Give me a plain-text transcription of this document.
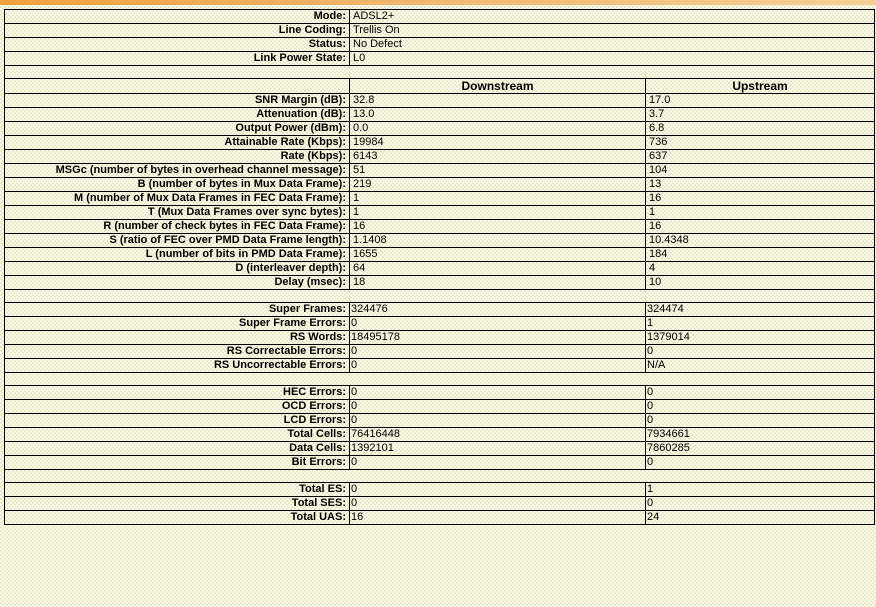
Mode:	ADSL2+	
Line Coding:	Trellis On	
Status:	No Defect	
Link Power State:	L0	

	Downstream	Upstream
SNR Margin (dB):	32.8	17.0
Attenuation (dB):	13.0	3.7
Output Power (dBm):	0.0	6.8
Attainable Rate (Kbps):	19984	736
Rate (Kbps):	6143	637
MSGc (number of bytes in overhead channel message):	51	104
B (number of bytes in Mux Data Frame):	219	13
M (number of Mux Data Frames in FEC Data Frame):	1	16
T (Mux Data Frames over sync bytes):	1	1
R (number of check bytes in FEC Data Frame):	16	16
S (ratio of FEC over PMD Data Frame length):	1.1408	10.4348
L (number of bits in PMD Data Frame):	1655	184
D (interleaver depth):	64	4
Delay (msec):	18	10

Super Frames:	324476	324474
Super Frame Errors:	0	1
RS Words:	18495178	1379014
RS Correctable Errors:	0	0
RS Uncorrectable Errors:	0	N/A

HEC Errors:	0	0
OCD Errors:	0	0
LCD Errors:	0	0
Total Cells:	76416448	7934661
Data Cells:	1392101	7860285
Bit Errors:	0	0

Total ES:	0	1
Total SES:	0	0
Total UAS:	16	24
